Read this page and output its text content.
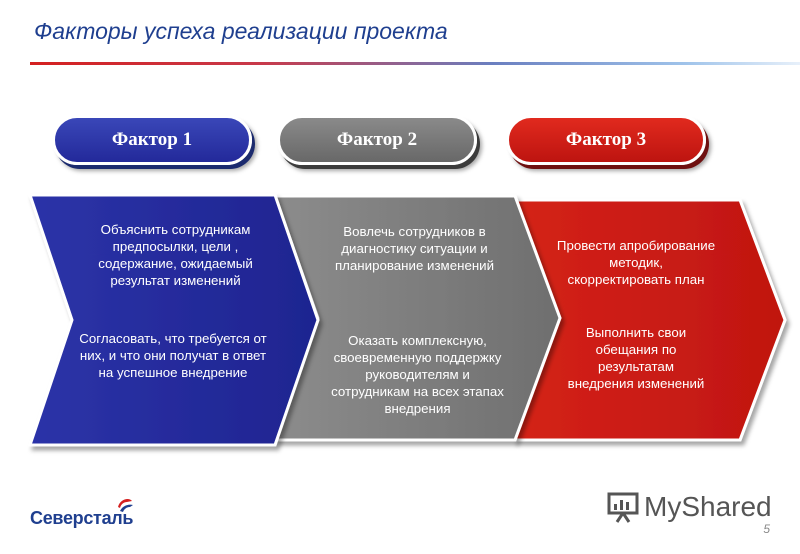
Факторы успеха реализации проекта
Фактор 1	Фактор 2	Фактор 3
Объяснить сотрудникам предпосылки, цели , содержание, ожидаемый результат изменений
Согласовать, что требуется от них, и что они получат в ответ на успешное внедрение
Вовлечь сотрудников в диагностику ситуации и планирование изменений
Оказать комплексную, своевременную поддержку руководителям и сотрудникам на всех этапах внедрения
Провести апробирование методик, скорректировать план
Выполнить свои обещания по результатам внедрения изменений
Северсталь	MyShared
5
